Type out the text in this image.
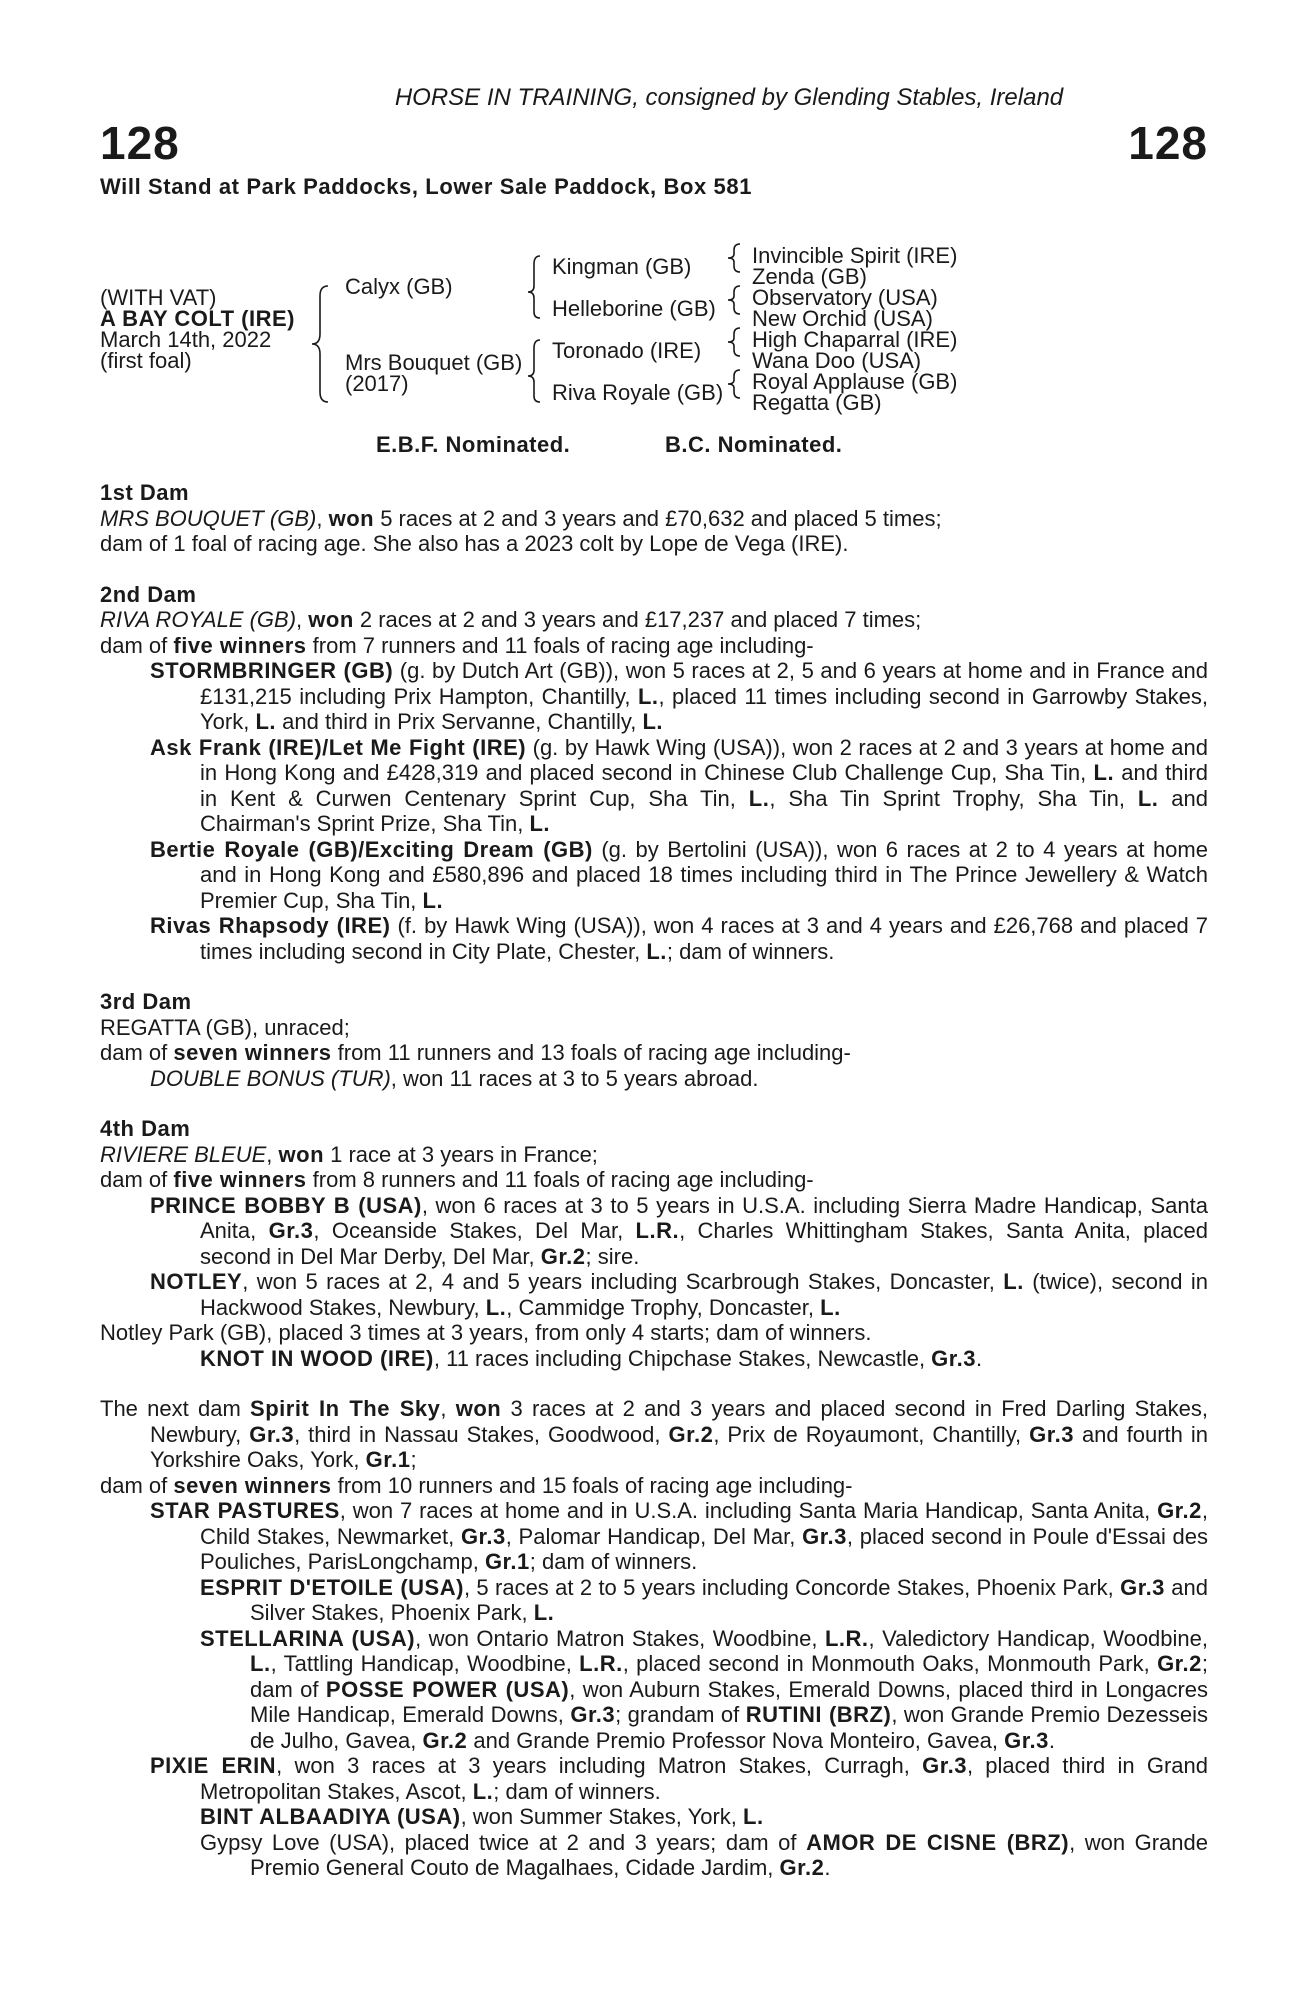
HORSE IN TRAINING, consigned by Glending Stables, Ireland
128	128
Will Stand at Park Paddocks, Lower Sale Paddock, Box 581
(WITH VAT)
A BAY COLT (IRE)
March 14th, 2022
(first foal)
Calyx (GB)
Mrs Bouquet (GB)
(2017)
Kingman (GB)
Helleborine (GB)
Toronado (IRE)
Riva Royale (GB)
Invincible Spirit (IRE)
Zenda (GB)
Observatory (USA)
New Orchid (USA)
High Chaparral (IRE)
Wana Doo (USA)
Royal Applause (GB)
Regatta (GB)
E.B.F. Nominated.	B.C. Nominated.
1st Dam

MRS BOUQUET (GB), won 5 races at 2 and 3 years and £70,632 and placed 5 times;

dam of 1 foal of racing age. She also has a 2023 colt by Lope de Vega (IRE).

2nd Dam

RIVA ROYALE (GB), won 2 races at 2 and 3 years and £17,237 and placed 7 times;

dam of five winners from 7 runners and 11 foals of racing age including-

STORMBRINGER (GB) (g. by Dutch Art (GB)), won 5 races at 2, 5 and 6 years at home and in France and £131,215 including Prix Hampton, Chantilly, L., placed 11 times including second in Garrowby Stakes, York, L. and third in Prix Servanne, Chantilly, L.

Ask Frank (IRE)/Let Me Fight (IRE) (g. by Hawk Wing (USA)), won 2 races at 2 and 3 years at home and in Hong Kong and £428,319 and placed second in Chinese Club Challenge Cup, Sha Tin, L. and third in Kent & Curwen Centenary Sprint Cup, Sha Tin, L., Sha Tin Sprint Trophy, Sha Tin, L. and Chairman's Sprint Prize, Sha Tin, L.

Bertie Royale (GB)/Exciting Dream (GB) (g. by Bertolini (USA)), won 6 races at 2 to 4 years at home and in Hong Kong and £580,896 and placed 18 times including third in The Prince Jewellery & Watch Premier Cup, Sha Tin, L.

Rivas Rhapsody (IRE) (f. by Hawk Wing (USA)), won 4 races at 3 and 4 years and £26,768 and placed 7 times including second in City Plate, Chester, L.; dam of winners.

3rd Dam

REGATTA (GB), unraced;

dam of seven winners from 11 runners and 13 foals of racing age including-

DOUBLE BONUS (TUR), won 11 races at 3 to 5 years abroad.

4th Dam

RIVIERE BLEUE, won 1 race at 3 years in France;

dam of five winners from 8 runners and 11 foals of racing age including-

PRINCE BOBBY B (USA), won 6 races at 3 to 5 years in U.S.A. including Sierra Madre Handicap, Santa Anita, Gr.3, Oceanside Stakes, Del Mar, L.R., Charles Whittingham Stakes, Santa Anita, placed second in Del Mar Derby, Del Mar, Gr.2; sire.

NOTLEY, won 5 races at 2, 4 and 5 years including Scarbrough Stakes, Doncaster, L. (twice), second in Hackwood Stakes, Newbury, L., Cammidge Trophy, Doncaster, L.

Notley Park (GB), placed 3 times at 3 years, from only 4 starts; dam of winners.

KNOT IN WOOD (IRE), 11 races including Chipchase Stakes, Newcastle, Gr.3.

The next dam Spirit In The Sky, won 3 races at 2 and 3 years and placed second in Fred Darling Stakes, Newbury, Gr.3, third in Nassau Stakes, Goodwood, Gr.2, Prix de Royaumont, Chantilly, Gr.3 and fourth in Yorkshire Oaks, York, Gr.1;

dam of seven winners from 10 runners and 15 foals of racing age including-

STAR PASTURES, won 7 races at home and in U.S.A. including Santa Maria Handicap, Santa Anita, Gr.2, Child Stakes, Newmarket, Gr.3, Palomar Handicap, Del Mar, Gr.3, placed second in Poule d'Essai des Pouliches, ParisLongchamp, Gr.1; dam of winners.

ESPRIT D'ETOILE (USA), 5 races at 2 to 5 years including Concorde Stakes, Phoenix Park, Gr.3 and Silver Stakes, Phoenix Park, L.

STELLARINA (USA), won Ontario Matron Stakes, Woodbine, L.R., Valedictory Handicap, Woodbine, L., Tattling Handicap, Woodbine, L.R., placed second in Monmouth Oaks, Monmouth Park, Gr.2; dam of POSSE POWER (USA), won Auburn Stakes, Emerald Downs, placed third in Longacres Mile Handicap, Emerald Downs, Gr.3; grandam of RUTINI (BRZ), won Grande Premio Dezesseis de Julho, Gavea, Gr.2 and Grande Premio Professor Nova Monteiro, Gavea, Gr.3.

PIXIE ERIN, won 3 races at 3 years including Matron Stakes, Curragh, Gr.3, placed third in Grand Metropolitan Stakes, Ascot, L.; dam of winners.

BINT ALBAADIYA (USA), won Summer Stakes, York, L.

Gypsy Love (USA), placed twice at 2 and 3 years; dam of AMOR DE CISNE (BRZ), won Grande Premio General Couto de Magalhaes, Cidade Jardim, Gr.2.
